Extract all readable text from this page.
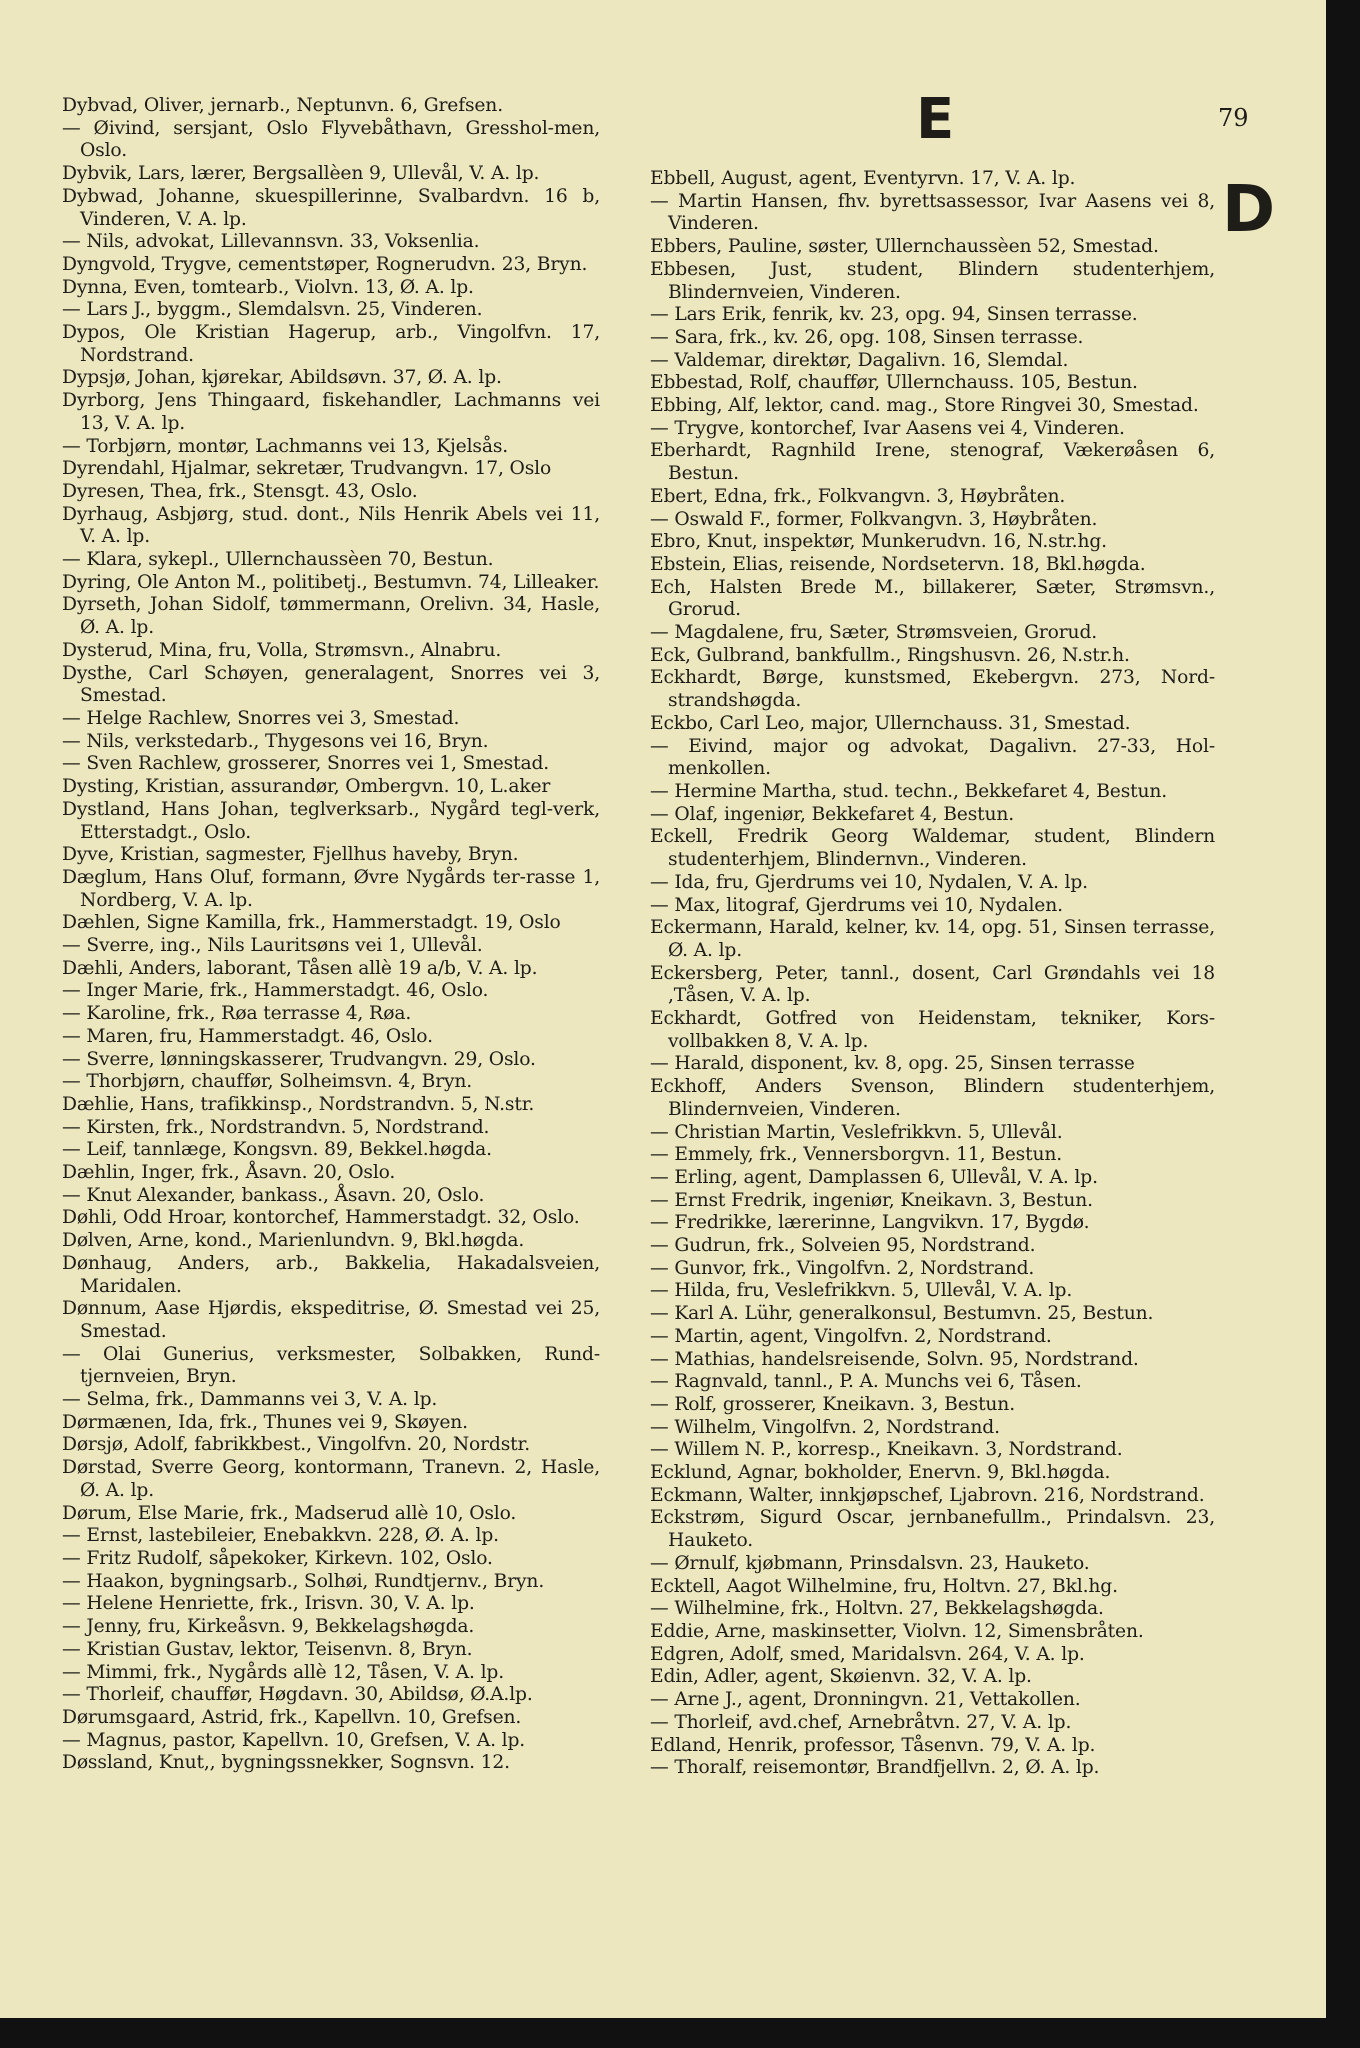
E	79
D
Dybvad, Oliver, jernarb., Neptunvn. 6, Grefsen.
— Øivind, sersjant, Oslo Flyvebåthavn, Gresshol-men, Oslo.
Dybvik, Lars, lærer, Bergsallèen 9, Ullevål, V. A. lp.
Dybwad, Johanne, skuespillerinne, Svalbardvn. 16 b, Vinderen, V. A. lp.
— Nils, advokat, Lillevannsvn. 33, Voksenlia.
Dyngvold, Trygve, cementstøper, Rognerudvn. 23, Bryn.
Dynna, Even, tomtearb., Violvn. 13, Ø. A. lp.
— Lars J., byggm., Slemdalsvn. 25, Vinderen.
Dypos, Ole Kristian Hagerup, arb., Vingolfvn. 17, Nordstrand.
Dypsjø, Johan, kjørekar, Abildsøvn. 37, Ø. A. lp.
Dyrborg, Jens Thingaard, fiskehandler, Lachmanns vei 13, V. A. lp.
— Torbjørn, montør, Lachmanns vei 13, Kjelsås.
Dyrendahl, Hjalmar, sekretær, Trudvangvn. 17, Oslo
Dyresen, Thea, frk., Stensgt. 43, Oslo.
Dyrhaug, Asbjørg, stud. dont., Nils Henrik Abels vei 11, V. A. lp.
— Klara, sykepl., Ullernchaussèen 70, Bestun.
Dyring, Ole Anton M., politibetj., Bestumvn. 74, Lilleaker.
Dyrseth, Johan Sidolf, tømmermann, Orelivn. 34, Hasle, Ø. A. lp.
Dysterud, Mina, fru, Volla, Strømsvn., Alnabru.
Dysthe, Carl Schøyen, generalagent, Snorres vei 3, Smestad.
— Helge Rachlew, Snorres vei 3, Smestad.
— Nils, verkstedarb., Thygesons vei 16, Bryn.
— Sven Rachlew, grosserer, Snorres vei 1, Smestad.
Dysting, Kristian, assurandør, Ombergvn. 10, L.aker
Dystland, Hans Johan, teglverksarb., Nygård tegl-verk, Etterstadgt., Oslo.
Dyve, Kristian, sagmester, Fjellhus haveby, Bryn.
Dæglum, Hans Oluf, formann, Øvre Nygårds ter-rasse 1, Nordberg, V. A. lp.
Dæhlen, Signe Kamilla, frk., Hammerstadgt. 19, Oslo
— Sverre, ing., Nils Lauritsøns vei 1, Ullevål.
Dæhli, Anders, laborant, Tåsen allè 19 a/b, V. A. lp.
— Inger Marie, frk., Hammerstadgt. 46, Oslo.
— Karoline, frk., Røa terrasse 4, Røa.
— Maren, fru, Hammerstadgt. 46, Oslo.
— Sverre, lønningskasserer, Trudvangvn. 29, Oslo.
— Thorbjørn, chauffør, Solheimsvn. 4, Bryn.
Dæhlie, Hans, trafikkinsp., Nordstrandvn. 5, N.str.
— Kirsten, frk., Nordstrandvn. 5, Nordstrand.
— Leif, tannlæge, Kongsvn. 89, Bekkel.høgda.
Dæhlin, Inger, frk., Åsavn. 20, Oslo.
— Knut Alexander, bankass., Åsavn. 20, Oslo.
Døhli, Odd Hroar, kontorchef, Hammerstadgt. 32, Oslo.
Dølven, Arne, kond., Marienlundvn. 9, Bkl.høgda.
Dønhaug, Anders, arb., Bakkelia, Hakadalsveien, Maridalen.
Dønnum, Aase Hjørdis, ekspeditrise, Ø. Smestad vei 25, Smestad.
— Olai Gunerius, verksmester, Solbakken, Rund-tjernveien, Bryn.
— Selma, frk., Dammanns vei 3, V. A. lp.
Dørmænen, Ida, frk., Thunes vei 9, Skøyen.
Dørsjø, Adolf, fabrikkbest., Vingolfvn. 20, Nordstr.
Dørstad, Sverre Georg, kontormann, Tranevn. 2, Hasle, Ø. A. lp.
Dørum, Else Marie, frk., Madserud allè 10, Oslo.
— Ernst, lastebileier, Enebakkvn. 228, Ø. A. lp.
— Fritz Rudolf, såpekoker, Kirkevn. 102, Oslo.
— Haakon, bygningsarb., Solhøi, Rundtjernv., Bryn.
— Helene Henriette, frk., Irisvn. 30, V. A. lp.
— Jenny, fru, Kirkeåsvn. 9, Bekkelagshøgda.
— Kristian Gustav, lektor, Teisenvn. 8, Bryn.
— Mimmi, frk., Nygårds allè 12, Tåsen, V. A. lp.
— Thorleif, chauffør, Høgdavn. 30, Abildsø, Ø.A.lp.
Dørumsgaard, Astrid, frk., Kapellvn. 10, Grefsen.
— Magnus, pastor, Kapellvn. 10, Grefsen, V. A. lp.
Døssland, Knut,, bygningssnekker, Sognsvn. 12.
Ebbell, August, agent, Eventyrvn. 17, V. A. lp.
— Martin Hansen, fhv. byrettsassessor, Ivar Aasens vei 8, Vinderen.
Ebbers, Pauline, søster, Ullernchaussèen 52, Smestad.
Ebbesen, Just, student, Blindern studenterhjem, Blindernveien, Vinderen.
— Lars Erik, fenrik, kv. 23, opg. 94, Sinsen terrasse.
— Sara, frk., kv. 26, opg. 108, Sinsen terrasse.
— Valdemar, direktør, Dagalivn. 16, Slemdal.
Ebbestad, Rolf, chauffør, Ullernchauss. 105, Bestun.
Ebbing, Alf, lektor, cand. mag., Store Ringvei 30, Smestad.
— Trygve, kontorchef, Ivar Aasens vei 4, Vinderen.
Eberhardt, Ragnhild Irene, stenograf, Vækerøåsen 6, Bestun.
Ebert, Edna, frk., Folkvangvn. 3, Høybråten.
— Oswald F., former, Folkvangvn. 3, Høybråten.
Ebro, Knut, inspektør, Munkerudvn. 16, N.str.hg.
Ebstein, Elias, reisende, Nordsetervn. 18, Bkl.høgda.
Ech, Halsten Brede M., billakerer, Sæter, Strømsvn., Grorud.
— Magdalene, fru, Sæter, Strømsveien, Grorud.
Eck, Gulbrand, bankfullm., Ringshusvn. 26, N.str.h.
Eckhardt, Børge, kunstsmed, Ekebergvn. 273, Nord-strandshøgda.
Eckbo, Carl Leo, major, Ullernchauss. 31, Smestad.
— Eivind, major og advokat, Dagalivn. 27-33, Hol-menkollen.
— Hermine Martha, stud. techn., Bekkefaret 4, Bestun.
— Olaf, ingeniør, Bekkefaret 4, Bestun.
Eckell, Fredrik Georg Waldemar, student, Blindern studenterhjem, Blindernvn., Vinderen.
— Ida, fru, Gjerdrums vei 10, Nydalen, V. A. lp.
— Max, litograf, Gjerdrums vei 10, Nydalen.
Eckermann, Harald, kelner, kv. 14, opg. 51, Sinsen terrasse, Ø. A. lp.
Eckersberg, Peter, tannl., dosent, Carl Grøndahls vei 18 ,Tåsen, V. A. lp.
Eckhardt, Gotfred von Heidenstam, tekniker, Kors-vollbakken 8, V. A. lp.
— Harald, disponent, kv. 8, opg. 25, Sinsen terrasse
Eckhoff, Anders Svenson, Blindern studenterhjem, Blindernveien, Vinderen.
— Christian Martin, Veslefrikkvn. 5, Ullevål.
— Emmely, frk., Vennersborgvn. 11, Bestun.
— Erling, agent, Damplassen 6, Ullevål, V. A. lp.
— Ernst Fredrik, ingeniør, Kneikavn. 3, Bestun.
— Fredrikke, lærerinne, Langvikvn. 17, Bygdø.
— Gudrun, frk., Solveien 95, Nordstrand.
— Gunvor, frk., Vingolfvn. 2, Nordstrand.
— Hilda, fru, Veslefrikkvn. 5, Ullevål, V. A. lp.
— Karl A. Lühr, generalkonsul, Bestumvn. 25, Bestun.
— Martin, agent, Vingolfvn. 2, Nordstrand.
— Mathias, handelsreisende, Solvn. 95, Nordstrand.
— Ragnvald, tannl., P. A. Munchs vei 6, Tåsen.
— Rolf, grosserer, Kneikavn. 3, Bestun.
— Wilhelm, Vingolfvn. 2, Nordstrand.
— Willem N. P., korresp., Kneikavn. 3, Nordstrand.
Ecklund, Agnar, bokholder, Enervn. 9, Bkl.høgda.
Eckmann, Walter, innkjøpschef, Ljabrovn. 216, Nordstrand.
Eckstrøm, Sigurd Oscar, jernbanefullm., Prindalsvn. 23, Hauketo.
— Ørnulf, kjøbmann, Prinsdalsvn. 23, Hauketo.
Ecktell, Aagot Wilhelmine, fru, Holtvn. 27, Bkl.hg.
— Wilhelmine, frk., Holtvn. 27, Bekkelagshøgda.
Eddie, Arne, maskinsetter, Violvn. 12, Simensbråten.
Edgren, Adolf, smed, Maridalsvn. 264, V. A. lp.
Edin, Adler, agent, Skøienvn. 32, V. A. lp.
— Arne J., agent, Dronningvn. 21, Vettakollen.
— Thorleif, avd.chef, Arnebråtvn. 27, V. A. lp.
Edland, Henrik, professor, Tåsenvn. 79, V. A. lp.
— Thoralf, reisemontør, Brandfjellvn. 2, Ø. A. lp.
